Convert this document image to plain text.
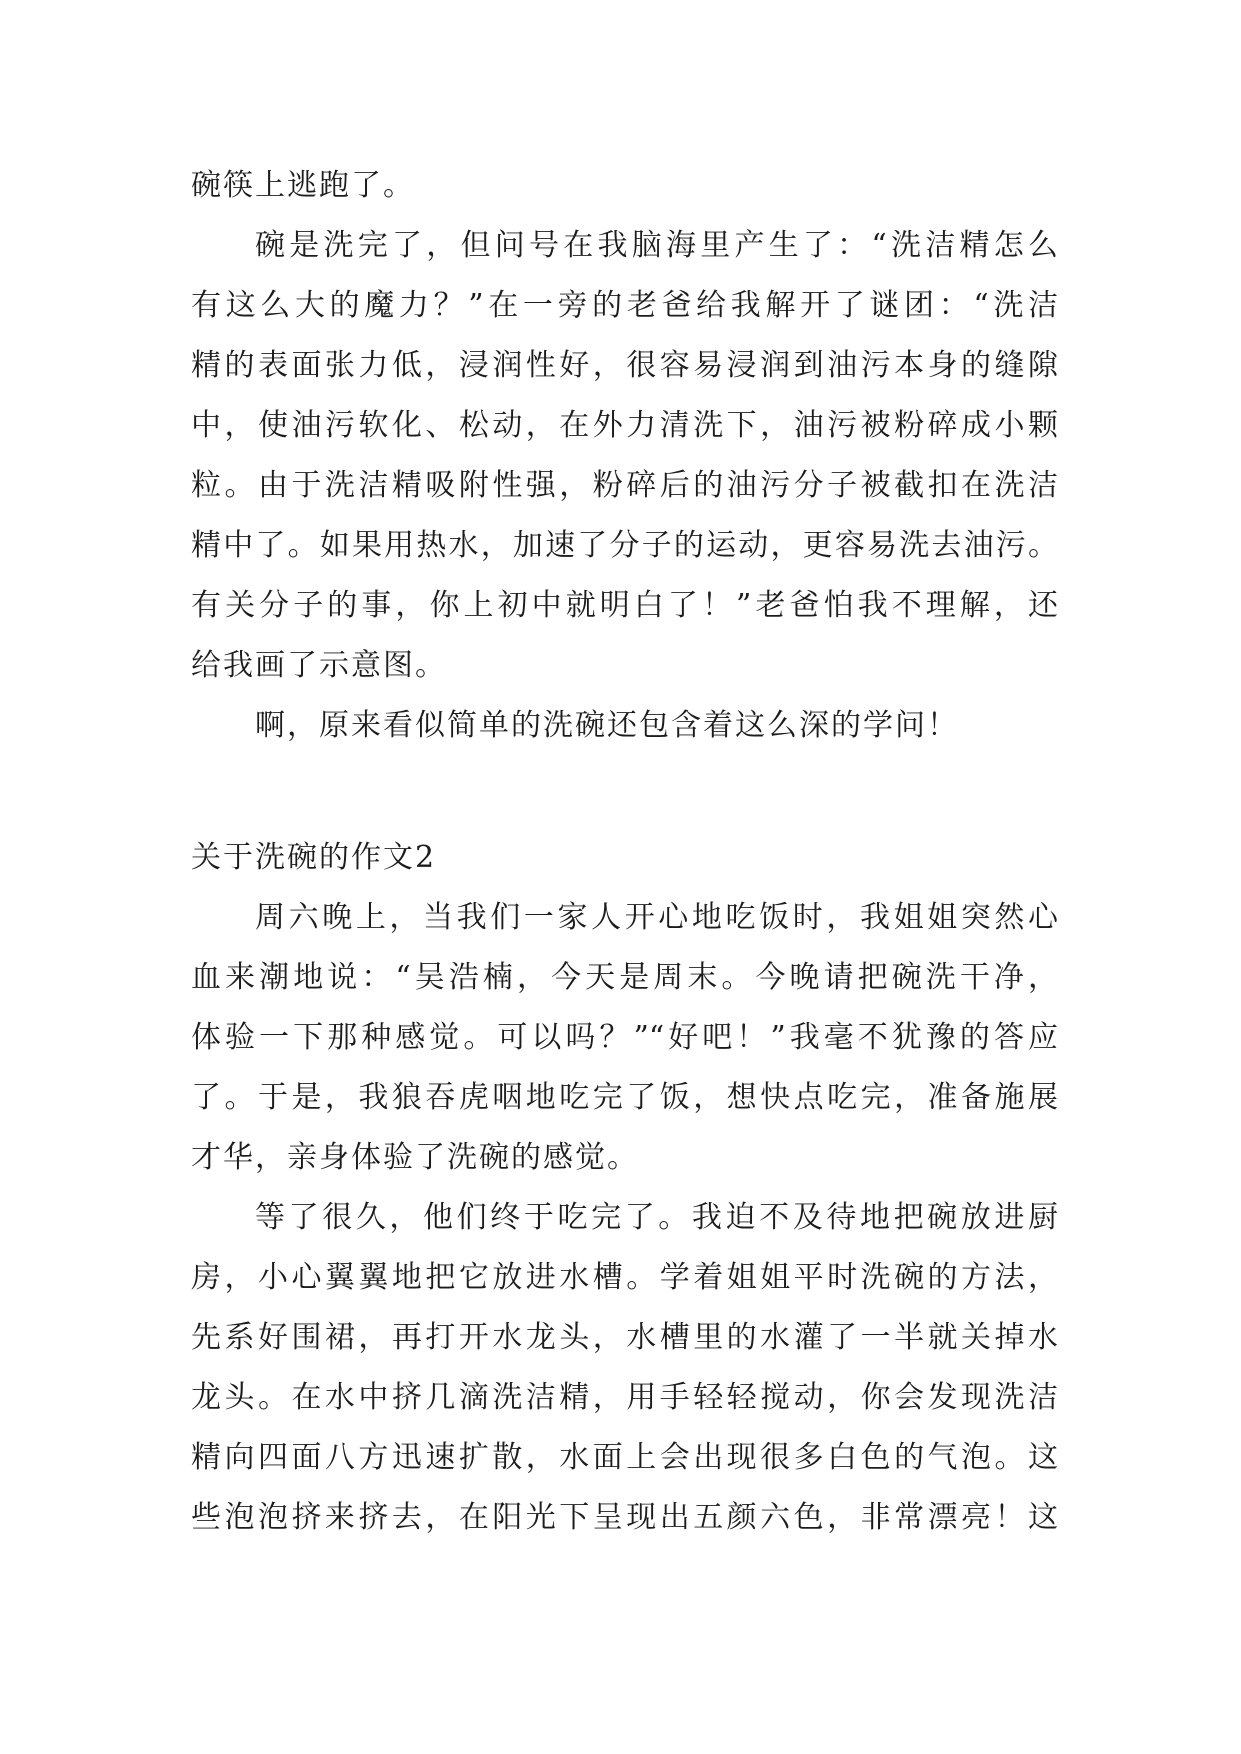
碗筷上逃跑了。
碗是洗完了，但问号在我脑海里产生了：“洗洁精怎么
有这么大的魔力？”在一旁的老爸给我解开了谜团：“洗洁
精的表面张力低，浸润性好，很容易浸润到油污本身的缝隙
中，使油污软化、松动，在外力清洗下，油污被粉碎成小颗
粒。由于洗洁精吸附性强，粉碎后的油污分子被截扣在洗洁
精中了。如果用热水，加速了分子的运动，更容易洗去油污。
有关分子的事，你上初中就明白了！”老爸怕我不理解，还
给我画了示意图。
啊，原来看似简单的洗碗还包含着这么深的学问！
关于洗碗的作文2
周六晚上，当我们一家人开心地吃饭时，我姐姐突然心
血来潮地说：“吴浩楠，今天是周末。今晚请把碗洗干净，
体验一下那种感觉。可以吗？”“好吧！”我毫不犹豫的答应
了。于是，我狼吞虎咽地吃完了饭，想快点吃完，准备施展
才华，亲身体验了洗碗的感觉。
等了很久，他们终于吃完了。我迫不及待地把碗放进厨
房，小心翼翼地把它放进水槽。学着姐姐平时洗碗的方法，
先系好围裙，再打开水龙头，水槽里的水灌了一半就关掉水
龙头。在水中挤几滴洗洁精，用手轻轻搅动，你会发现洗洁
精向四面八方迅速扩散，水面上会出现很多白色的气泡。这
些泡泡挤来挤去，在阳光下呈现出五颜六色，非常漂亮！这
